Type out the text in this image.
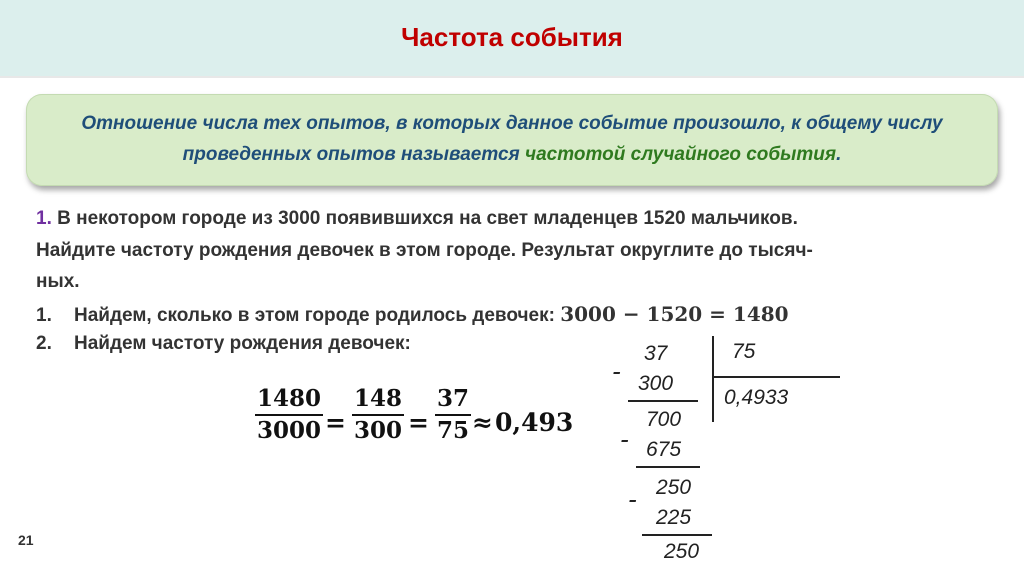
Частота события
Отношение числа тех опытов, в которых данное событие произошло, к общему числу проведенных опытов называется частотой случайного события.
1. В некотором городе из 3000 появившихся на свет младенцев 1520 мальчиков.
Найдите частоту рождения девочек в этом городе. Результат округлите до тысяч-
ных.
1. Найдем, сколько в этом городе родилось девочек: 3000 − 1520 = 1480
2. Найдем частоту рождения девочек:
$\frac{1480}{3000} = \frac{148}{300} = \frac{37}{75} \approx 0,493$
-
37
300
75
0,4933
700
- 675
- 250
225
250
21
